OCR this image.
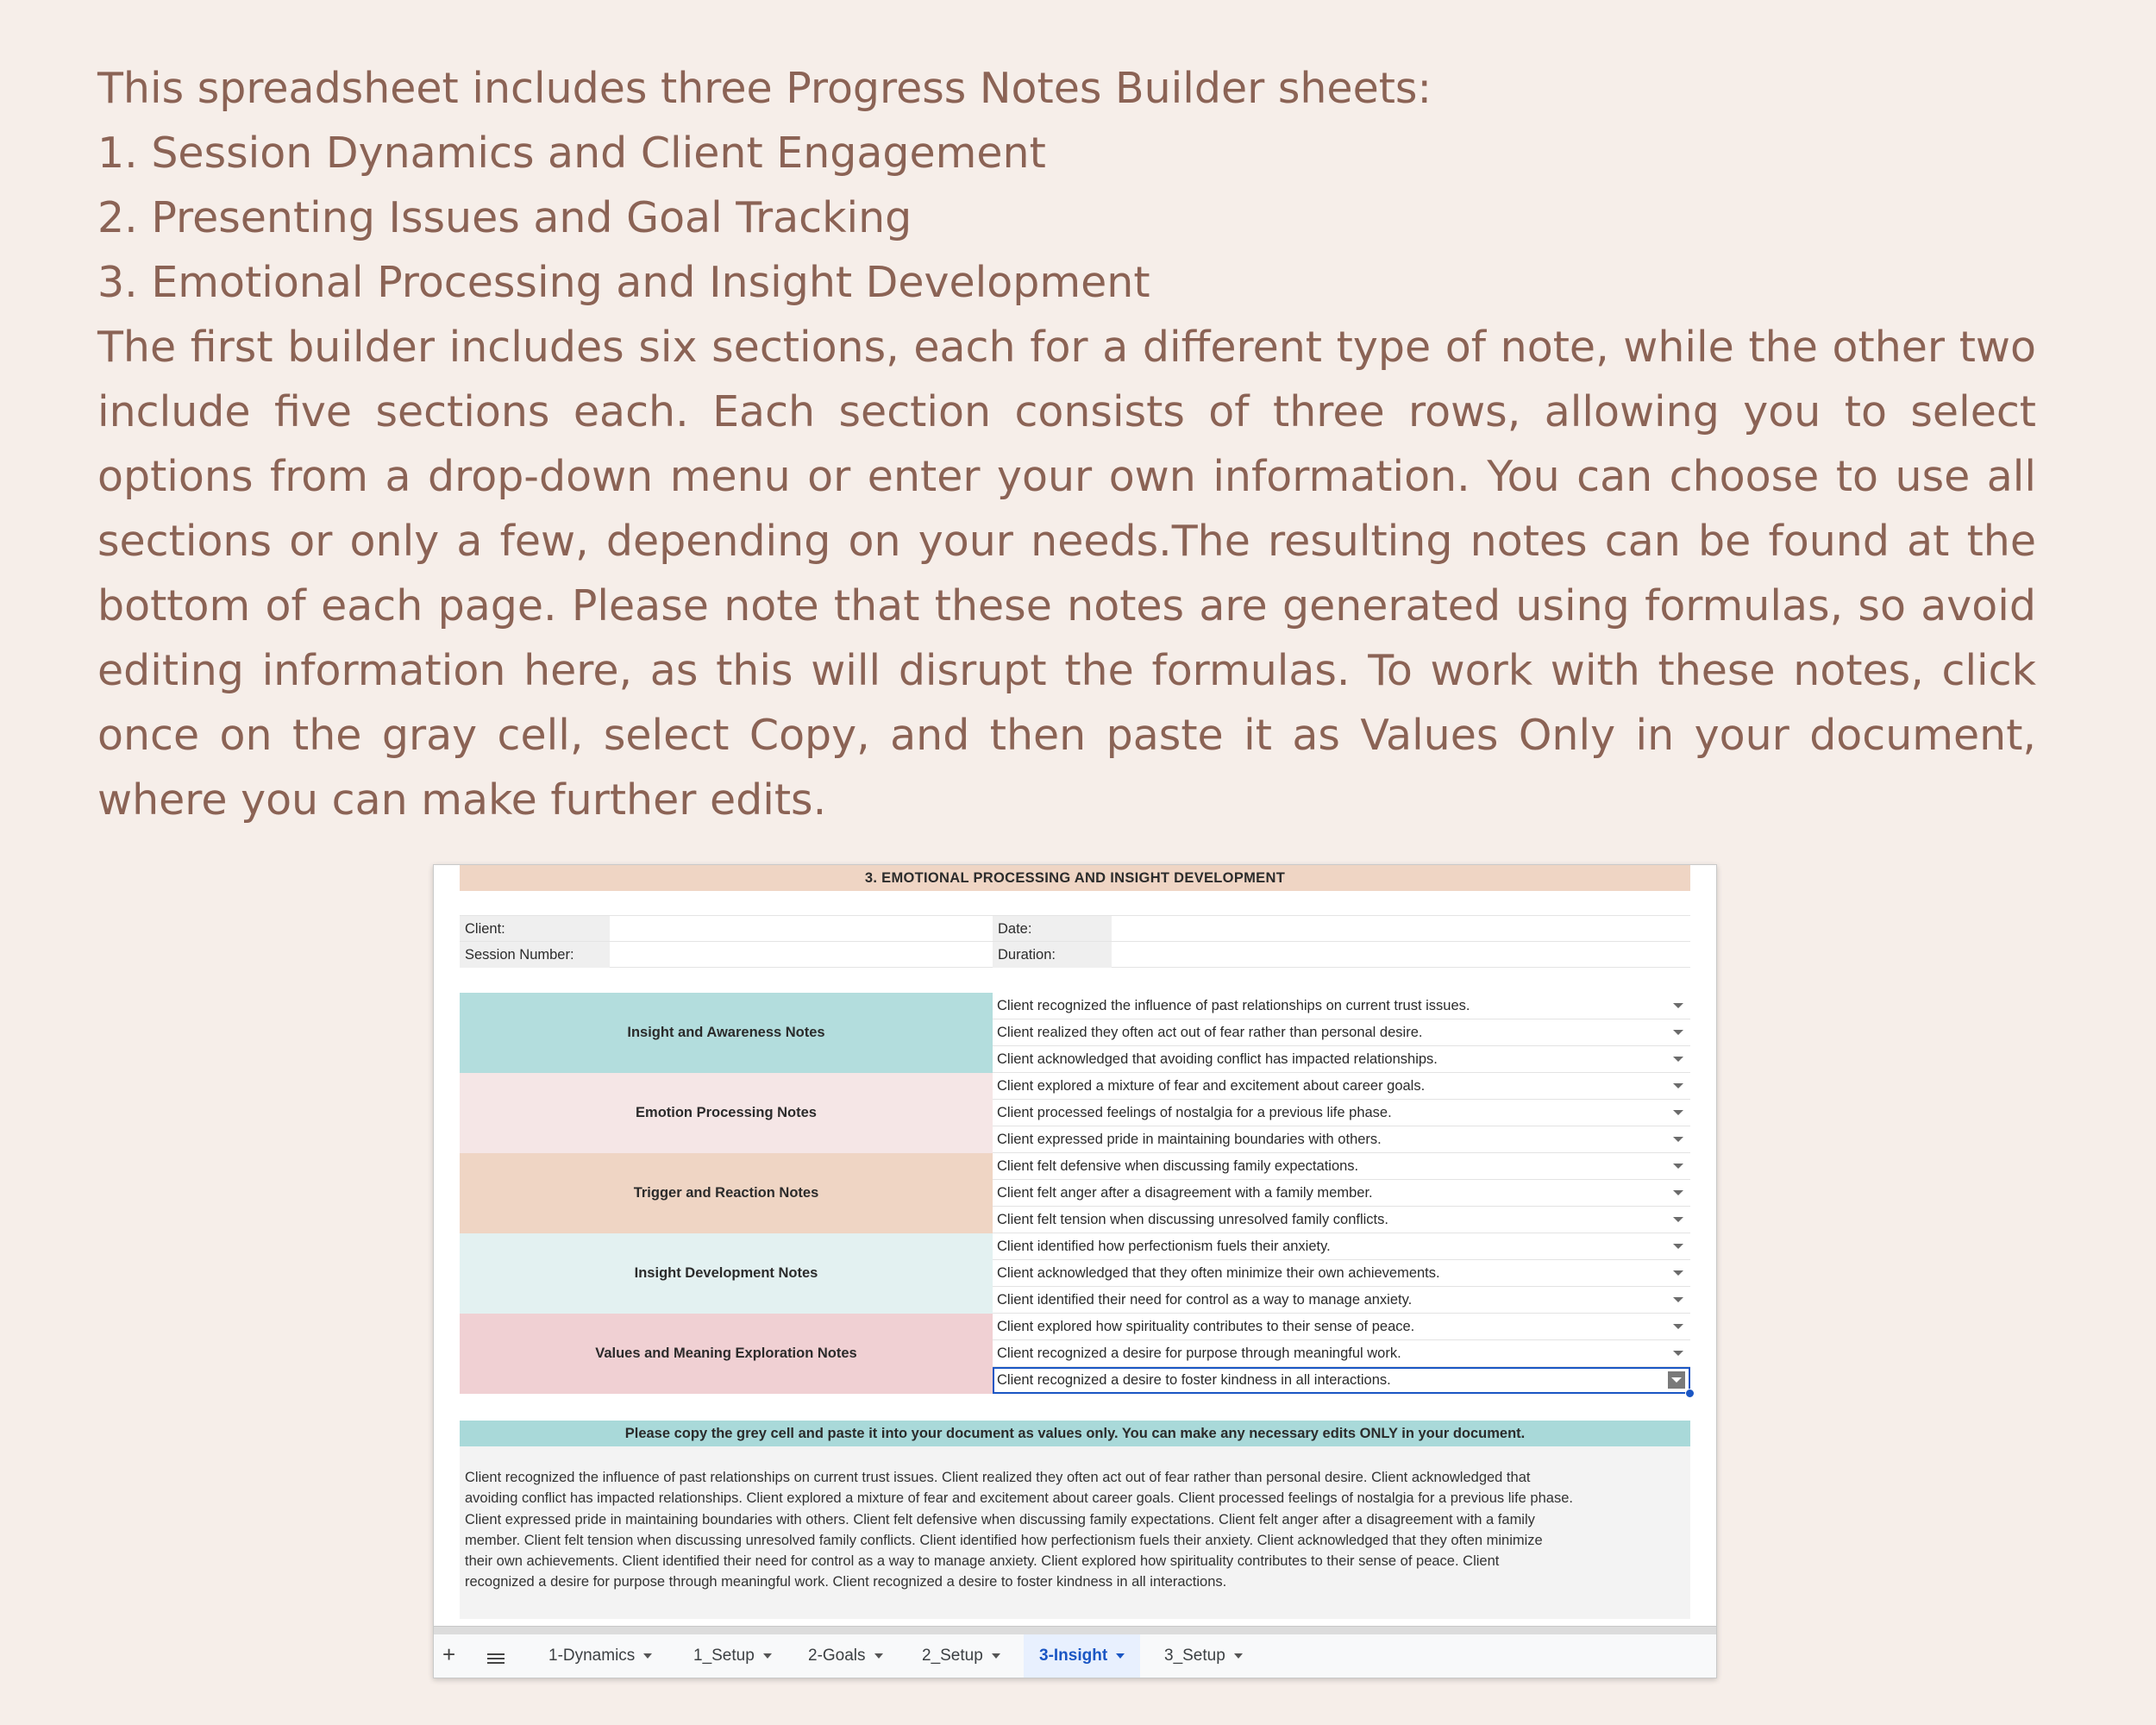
This spreadsheet includes three Progress Notes Builder sheets:
1. Session Dynamics and Client Engagement
2. Presenting Issues and Goal Tracking
3. Emotional Processing and Insight Development
The first builder includes six sections, each for a different type of note, while the other two include five sections each. Each section consists of three rows, allowing you to select options from a drop-down menu or enter your own information. You can choose to use all sections or only a few, depending on your needs.The resulting notes can be found at the bottom of each page. Please note that these notes are generated using formulas, so avoid editing information here, as this will disrupt the formulas. To work with these notes, click once on the gray cell, select Copy, and then paste it as Values Only in your document, where you can make further edits.
3. EMOTIONAL PROCESSING AND INSIGHT DEVELOPMENT
Client:	Date:
Session Number:	Duration:
Insight and Awareness Notes
Client recognized the influence of past relationships on current trust issues.
Client realized they often act out of fear rather than personal desire.
Client acknowledged that avoiding conflict has impacted relationships.
Emotion Processing Notes
Client explored a mixture of fear and excitement about career goals.
Client processed feelings of nostalgia for a previous life phase.
Client expressed pride in maintaining boundaries with others.
Trigger and Reaction Notes
Client felt defensive when discussing family expectations.
Client felt anger after a disagreement with a family member.
Client felt tension when discussing unresolved family conflicts.
Insight Development Notes
Client identified how perfectionism fuels their anxiety.
Client acknowledged that they often minimize their own achievements.
Client identified their need for control as a way to manage anxiety.
Values and Meaning Exploration Notes
Client explored how spirituality contributes to their sense of peace.
Client recognized a desire for purpose through meaningful work.
Client recognized a desire to foster kindness in all interactions.
Please copy the grey cell and paste it into your document as values only. You can make any necessary edits ONLY in your document.
Client recognized the influence of past relationships on current trust issues. Client realized they often act out of fear rather than personal desire. Client acknowledged that
avoiding conflict has impacted relationships. Client explored a mixture of fear and excitement about career goals. Client processed feelings of nostalgia for a previous life phase.
Client expressed pride in maintaining boundaries with others. Client felt defensive when discussing family expectations. Client felt anger after a disagreement with a family
member. Client felt tension when discussing unresolved family conflicts. Client identified how perfectionism fuels their anxiety. Client acknowledged that they often minimize
their own achievements. Client identified their need for control as a way to manage anxiety. Client explored how spirituality contributes to their sense of peace. Client
recognized a desire for purpose through meaningful work. Client recognized a desire to foster kindness in all interactions.
+	1-Dynamics	1_Setup	2-Goals	2_Setup	3-Insight	3_Setup
